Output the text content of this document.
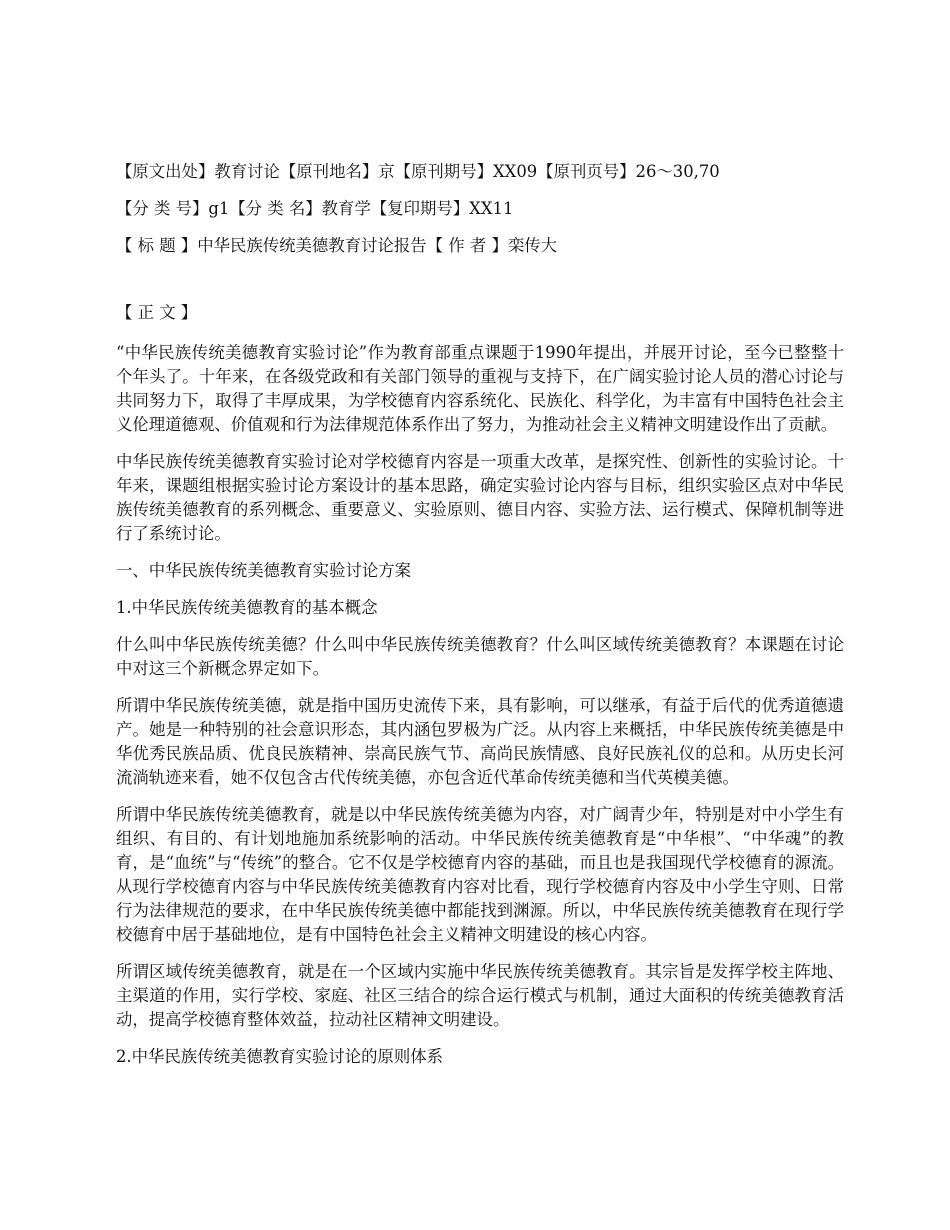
【原文出处】教育讨论【原刊地名】京【原刊期号】XX09【原刊页号】26～30,70
【分 类 号】g1【分 类 名】教育学【复印期号】XX11
【 标 题 】中华民族传统美德教育讨论报告【 作 者 】栾传大
【 正 文 】

“中华民族传统美德教育实验讨论”作为教育部重点课题于1990年提出，并展开讨论，至今已整整十个年头了。十年来，在各级党政和有关部门领导的重视与支持下，在广阔实验讨论人员的潜心讨论与共同努力下，取得了丰厚成果，为学校德育内容系统化、民族化、科学化，为丰富有中国特色社会主义伦理道德观、价值观和行为法律规范体系作出了努力，为推动社会主义精神文明建设作出了贡献。

中华民族传统美德教育实验讨论对学校德育内容是一项重大改革，是探究性、创新性的实验讨论。十年来，课题组根据实验讨论方案设计的基本思路，确定实验讨论内容与目标，组织实验区点对中华民族传统美德教育的系列概念、重要意义、实验原则、德目内容、实验方法、运行模式、保障机制等进行了系统讨论。

一、中华民族传统美德教育实验讨论方案

1.中华民族传统美德教育的基本概念

什么叫中华民族传统美德？什么叫中华民族传统美德教育？什么叫区域传统美德教育？本课题在讨论中对这三个新概念界定如下。

所谓中华民族传统美德，就是指中国历史流传下来，具有影响，可以继承，有益于后代的优秀道德遗产。她是一种特别的社会意识形态，其内涵包罗极为广泛。从内容上来概括，中华民族传统美德是中华优秀民族品质、优良民族精神、崇高民族气节、高尚民族情感、良好民族礼仪的总和。从历史长河流淌轨迹来看，她不仅包含古代传统美德，亦包含近代革命传统美德和当代英模美德。

所谓中华民族传统美德教育，就是以中华民族传统美德为内容，对广阔青少年，特别是对中小学生有组织、有目的、有计划地施加系统影响的活动。中华民族传统美德教育是“中华根”、“中华魂”的教育，是“血统”与“传统”的整合。它不仅是学校德育内容的基础，而且也是我国现代学校德育的源流。从现行学校德育内容与中华民族传统美德教育内容对比看，现行学校德育内容及中小学生守则、日常行为法律规范的要求，在中华民族传统美德中都能找到渊源。所以，中华民族传统美德教育在现行学校德育中居于基础地位，是有中国特色社会主义精神文明建设的核心内容。

所谓区域传统美德教育，就是在一个区域内实施中华民族传统美德教育。其宗旨是发挥学校主阵地、主渠道的作用，实行学校、家庭、社区三结合的综合运行模式与机制，通过大面积的传统美德教育活动，提高学校德育整体效益，拉动社区精神文明建设。

2.中华民族传统美德教育实验讨论的原则体系
